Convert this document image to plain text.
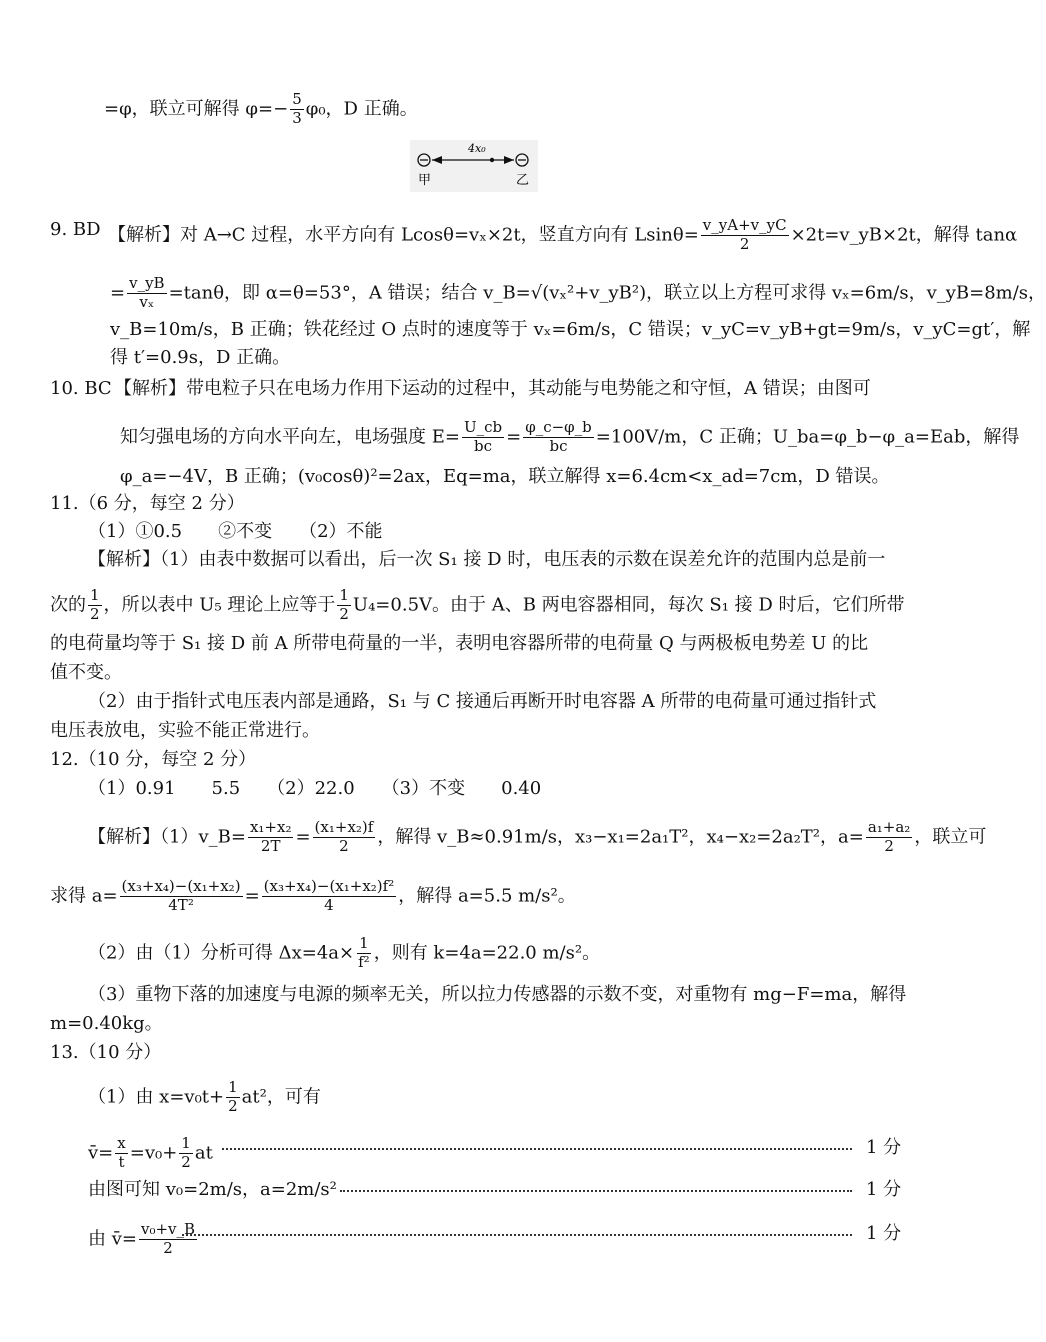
=φ，联立可解得 $\varphi=- \frac{5}{3} \varphi_0$，D 正确。
4x₀
甲	乙
9. BD 【解析】对 A→C 过程，水平方向有 Lcosθ=vₓ×2t，竖直方向有 $Lsin\theta= \frac{v\_yA+v\_yC}{2}$ ×2t=v_yB×2t，解得 tanα
= $\frac{v\_yB}{\text{vₓ}} =\tan\theta$，即 α=θ=53°，A 错误；结合 v_B=√(vₓ²+v_yB²)，联立以上方程可求得 vₓ=6m/s，v_yB=8m/s，
v_B=10m/s，B 正确；铁花经过 O 点时的速度等于 vₓ=6m/s，C 错误；v_yC=v_yB+gt=9m/s，v_yC=gt′，解
得 t′=0.9s，D 正确。
10. BC 【解析】带电粒子只在电场力作用下运动的过程中，其动能与电势能之和守恒，A 错误；由图可
知匀强电场的方向水平向左，电场强度 $E= \frac{U\_cb}{bc} = \frac{\varphi\_c-\varphi\_b}{bc} =100V/m$，C 正确；U_ba=φ_b−φ_a=Eab，解得
φ_a=−4V，B 正确；(v₀cosθ)²=2ax，Eq=ma，联立解得 x=6.4cm<x_ad=7cm，D 错误。
11.（6 分，每空 2 分）
（1）①0.5　　②不变　　（2）不能
【解析】（1）由表中数据可以看出，后一次 S₁ 接 D 时，电压表的示数在误差允许的范围内总是前一
次的 $\frac{1}{2}$ ，所以表中 U₅ 理论上应等于 $\frac{1}{2} U_4=0.5V$。由于 A、B 两电容器相同，每次 S₁ 接 D 时后，它们所带
的电荷量均等于 S₁ 接 D 前 A 所带电荷量的一半，表明电容器所带的电荷量 Q 与两极板电势差 U 的比
值不变。
（2）由于指针式电压表内部是通路，S₁ 与 C 接通后再断开时电容器 A 所带的电荷量可通过指针式
电压表放电，实验不能正常进行。
12.（10 分，每空 2 分）
（1）0.91　　5.5　　（2）22.0　　（3）不变　　0.40
【解析】（1）v_B= $\frac{\text{x₁+x₂}}{2T} = \frac{\text{(x₁+x₂)f}}{2}$ ，解得 v_B≈0.91m/s，x₃−x₁=2a₁T²，x₄−x₂=2a₂T²，$a= \frac{\text{a₁+a₂}}{2}$ ，联立可
求得 $a= \frac{\text{(x₃+x₄)−(x₁+x₂)}}{\text{4T²}} = \frac{\text{(x₃+x₄)−(x₁+x₂)f²}}{4}$ ，解得 a=5.5 m/s²。
（2）由（1）分析可得 $\Delta x=4a\times \frac{1}{\text{f²}}$ ，则有 k=4a=22.0 m/s²。
（3）重物下落的加速度与电源的频率无关，所以拉力传感器的示数不变，对重物有 mg−F=ma，解得
m=0.40kg。
13.（10 分）
（1）由 $x=v_0t+ \frac{1}{2} at^2$，可有
v̄= $\frac{x}{t} =v_0+ \frac{1}{2}$ at	1 分
由图可知 v₀=2m/s，a=2m/s²	1 分
由 v̄= $\frac{\text{v₀+v\_B}}{2}$	1 分
